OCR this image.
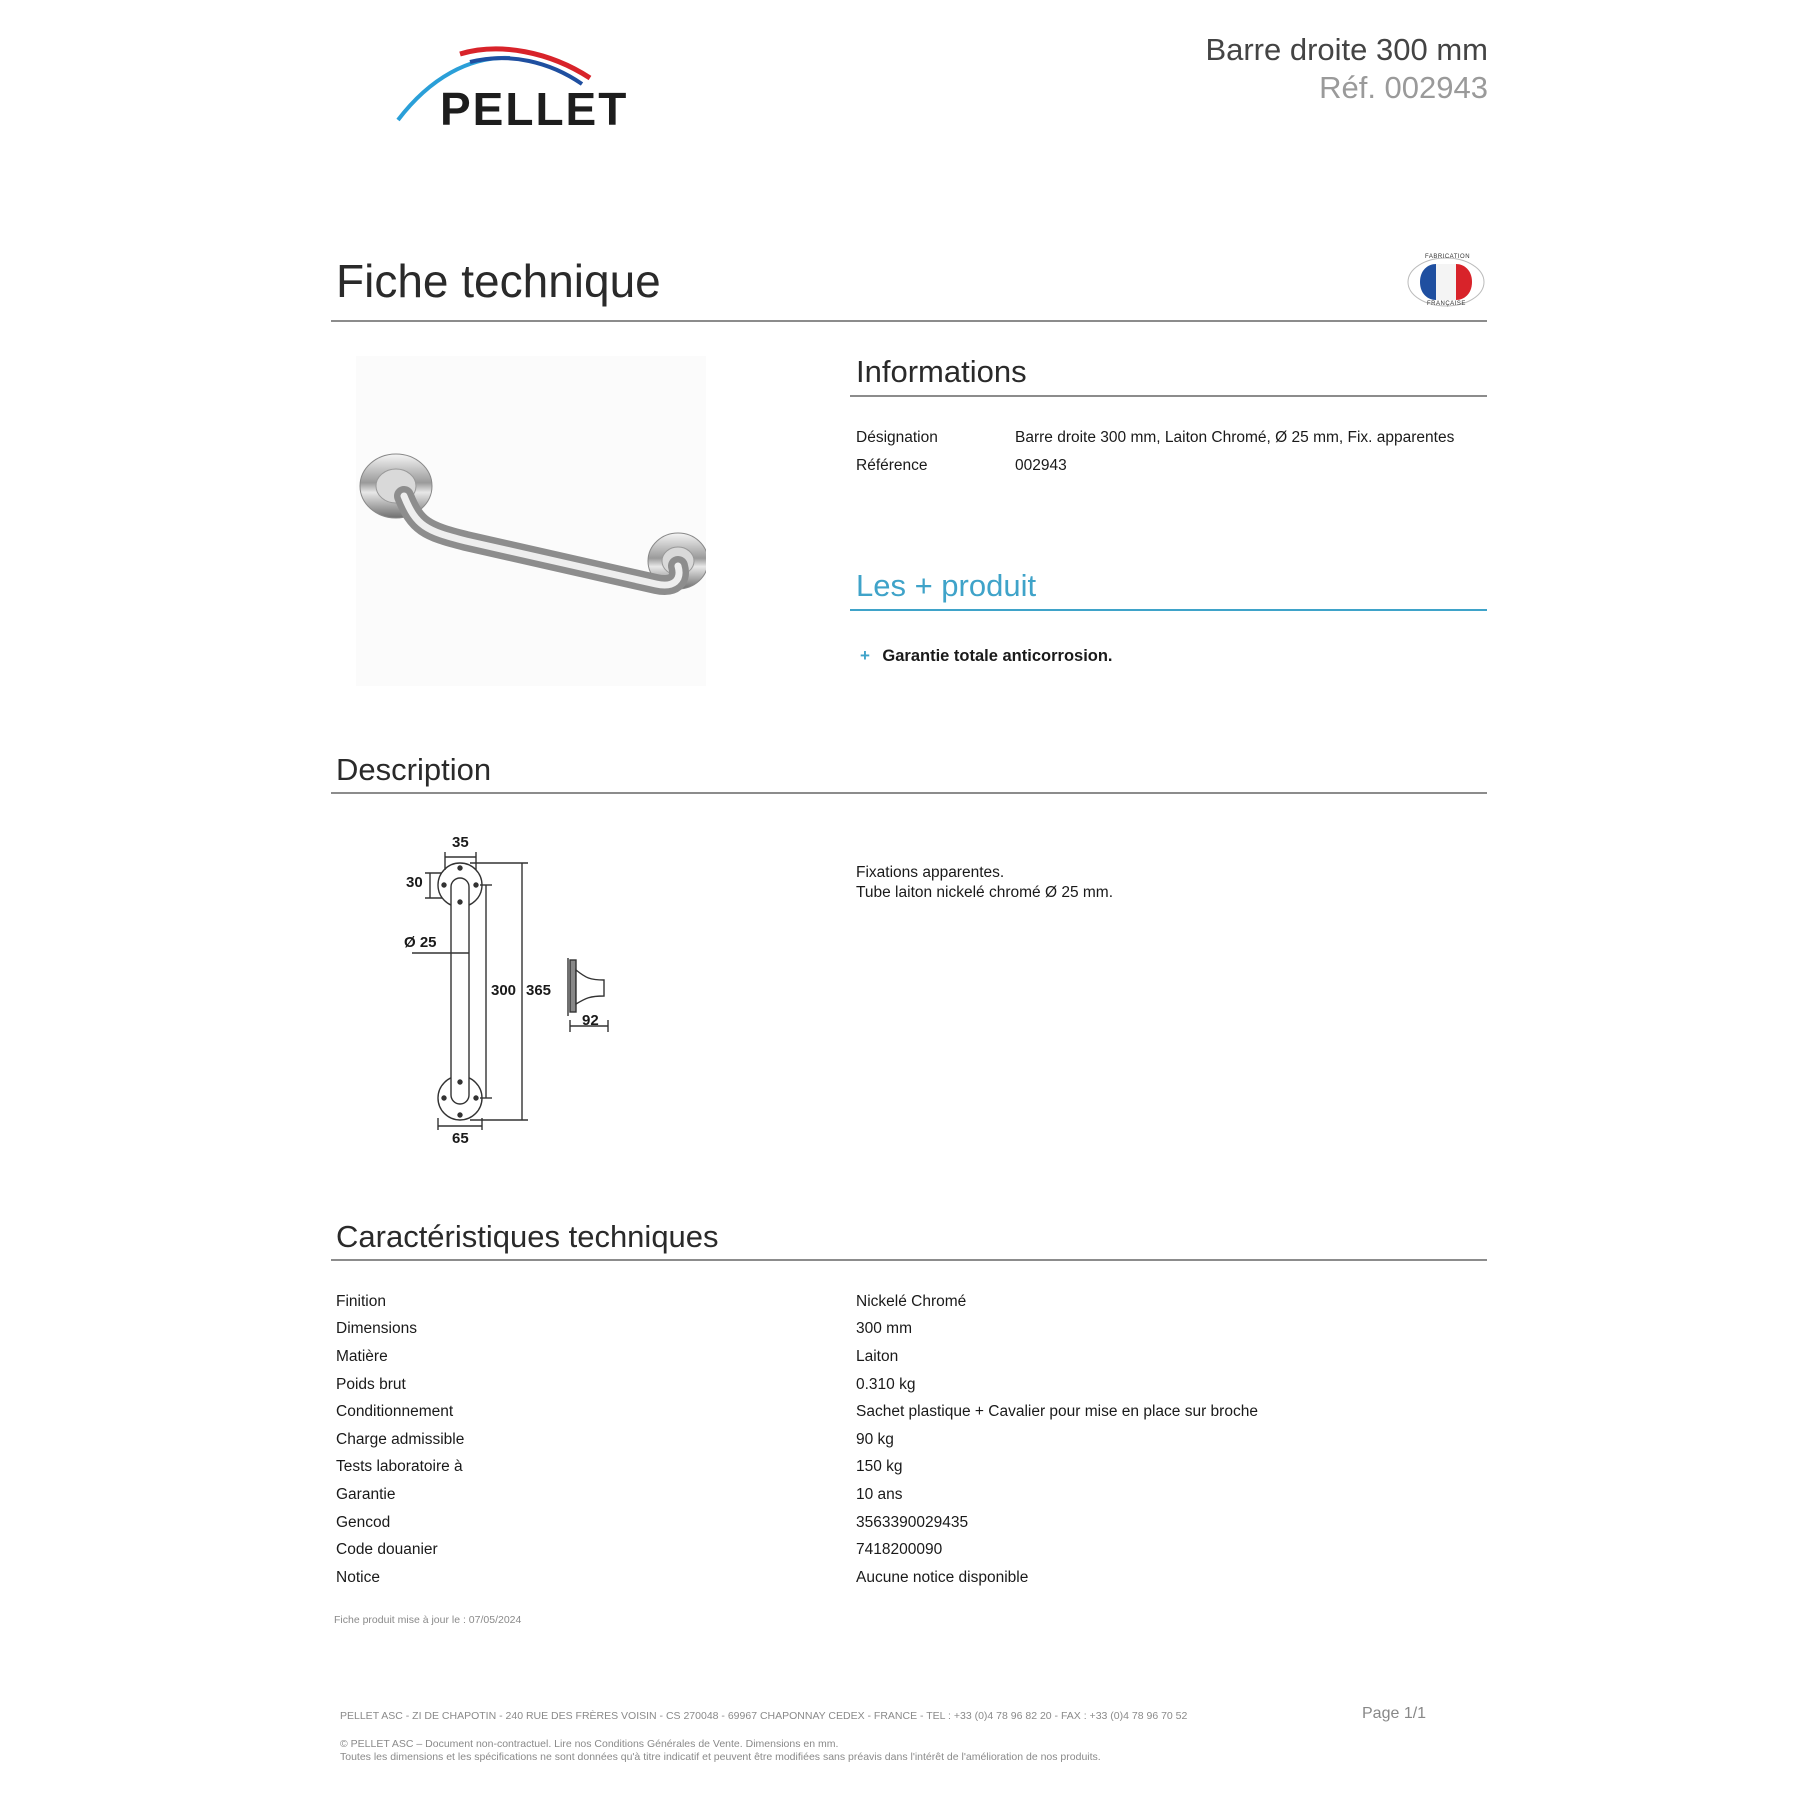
PELLET
Barre droite 300 mm
Réf. 002943
Fiche technique	FABRICATION
FRANÇAISE
Informations
Désignation	Barre droite 300 mm, Laiton Chromé, Ø 25 mm, Fix. apparentes
Référence	002943
Les + produit
+ Garantie totale anticorrosion.
Description
35
30
Ø 25
300 365
92
65
Fixations apparentes.
Tube laiton nickelé chromé Ø 25 mm.
Caractéristiques techniques
Finition	Nickelé Chromé
Dimensions	300 mm
Matière	Laiton
Poids brut	0.310 kg
Conditionnement	Sachet plastique + Cavalier pour mise en place sur broche
Charge admissible	90 kg
Tests laboratoire à	150 kg
Garantie	10 ans
Gencod	3563390029435
Code douanier	7418200090
Notice	Aucune notice disponible
Fiche produit mise à jour le : 07/05/2024
PELLET ASC - ZI DE CHAPOTIN - 240 RUE DES FRÈRES VOISIN - CS 270048 - 69967 CHAPONNAY CEDEX - FRANCE - TEL : +33 (0)4 78 96 82 20 - FAX : +33 (0)4 78 96 70 52	Page 1/1
© PELLET ASC – Document non-contractuel. Lire nos Conditions Générales de Vente. Dimensions en mm.
Toutes les dimensions et les spécifications ne sont données qu'à titre indicatif et peuvent être modifiées sans préavis dans l'intérêt de l'amélioration de nos produits.
